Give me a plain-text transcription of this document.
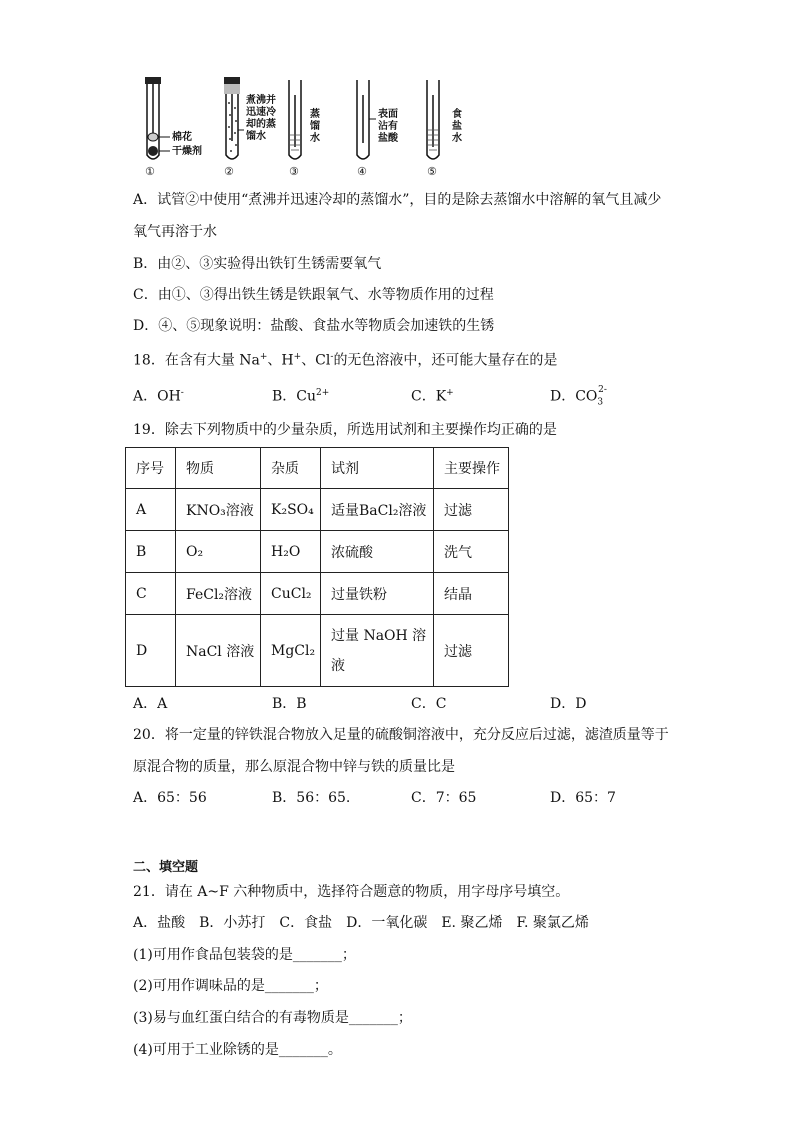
棉花
干燥剂
①
煮沸并
迅速冷
却的蒸
馏水
②
蒸
馏
水
③
表面
沾有
盐酸
④
食
盐
水
⑤
A．试管②中使用“煮沸并迅速冷却的蒸馏水”，目的是除去蒸馏水中溶解的氧气且减少
氧气再溶于水
B．由②、③实验得出铁钉生锈需要氧气
C．由①、③得出铁生锈是铁跟氧气、水等物质作用的过程
D．④、⑤现象说明：盐酸、食盐水等物质会加速铁的生锈
18．在含有大量 Na+、H+、Cl-的无色溶液中，还可能大量存在的是
A．OH-	B．$Cu^{2+}$	C．K+	D．$CO_3^{2-}$
19．除去下列物质中的少量杂质，所选用试剂和主要操作均正确的是
序号	物质	杂质	试剂	主要操作
A	KNO₃溶液	K₂SO₄	适量BaCl₂溶液	过滤
B	O₂	H₂O	浓硫酸	洗气
C	FeCl₂溶液	CuCl₂	过量铁粉	结晶
D	NaCl 溶液	MgCl₂	过量 NaOH 溶液	过滤
A．A	B．B	C．C	D．D
20．将一定量的锌铁混合物放入足量的硫酸铜溶液中，充分反应后过滤，滤渣质量等于
原混合物的质量，那么原混合物中锌与铁的质量比是
A．65：56	B．56：65.	C．7：65	D．65：7
二、填空题
21．请在 A~F 六种物质中，选择符合题意的物质，用字母序号填空。
A．盐酸　B．小苏打　C．食盐　D．一氧化碳　E. 聚乙烯　F. 聚氯乙烯
(1)可用作食品包装袋的是_______；
(2)可用作调味品的是_______；
(3)易与血红蛋白结合的有毒物质是_______；
(4)可用于工业除锈的是_______。
